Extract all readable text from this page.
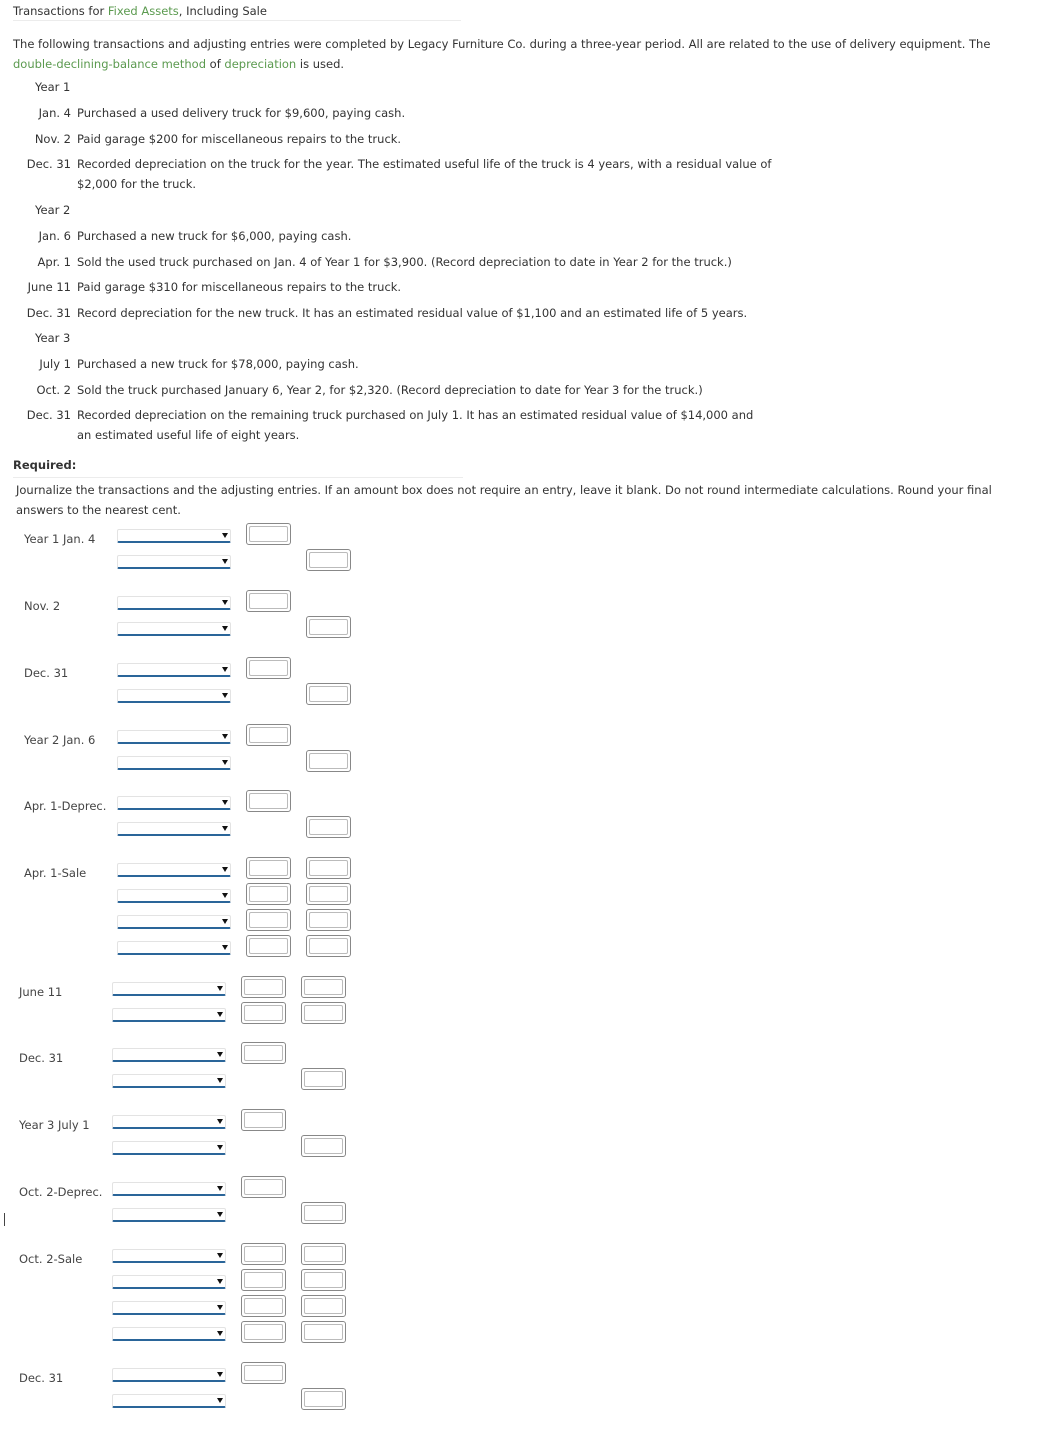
Transactions for Fixed Assets, Including Sale
The following transactions and adjusting entries were completed by Legacy Furniture Co. during a three-year period. All are related to the use of delivery equipment. The
double-declining-balance method of depreciation is used.
Year 1
Jan. 4 Purchased a used delivery truck for $9,600, paying cash.
Nov. 2 Paid garage $200 for miscellaneous repairs to the truck.
Dec. 31 Recorded depreciation on the truck for the year. The estimated useful life of the truck is 4 years, with a residual value of
$2,000 for the truck.
Year 2
Jan. 6 Purchased a new truck for $6,000, paying cash.
Apr. 1 Sold the used truck purchased on Jan. 4 of Year 1 for $3,900. (Record depreciation to date in Year 2 for the truck.)
June 11 Paid garage $310 for miscellaneous repairs to the truck.
Dec. 31 Record depreciation for the new truck. It has an estimated residual value of $1,100 and an estimated life of 5 years.
Year 3
July 1 Purchased a new truck for $78,000, paying cash.
Oct. 2 Sold the truck purchased January 6, Year 2, for $2,320. (Record depreciation to date for Year 3 for the truck.)
Dec. 31 Recorded depreciation on the remaining truck purchased on July 1. It has an estimated residual value of $14,000 and
an estimated useful life of eight years.
Required:
Journalize the transactions and the adjusting entries. If an amount box does not require an entry, leave it blank. Do not round intermediate calculations. Round your final
answers to the nearest cent.
Year 1 Jan. 4
Nov. 2
Dec. 31
Year 2 Jan. 6
Apr. 1-Deprec.
Apr. 1-Sale
June 11
Dec. 31
Year 3 July 1
Oct. 2-Deprec.
Oct. 2-Sale
Dec. 31
